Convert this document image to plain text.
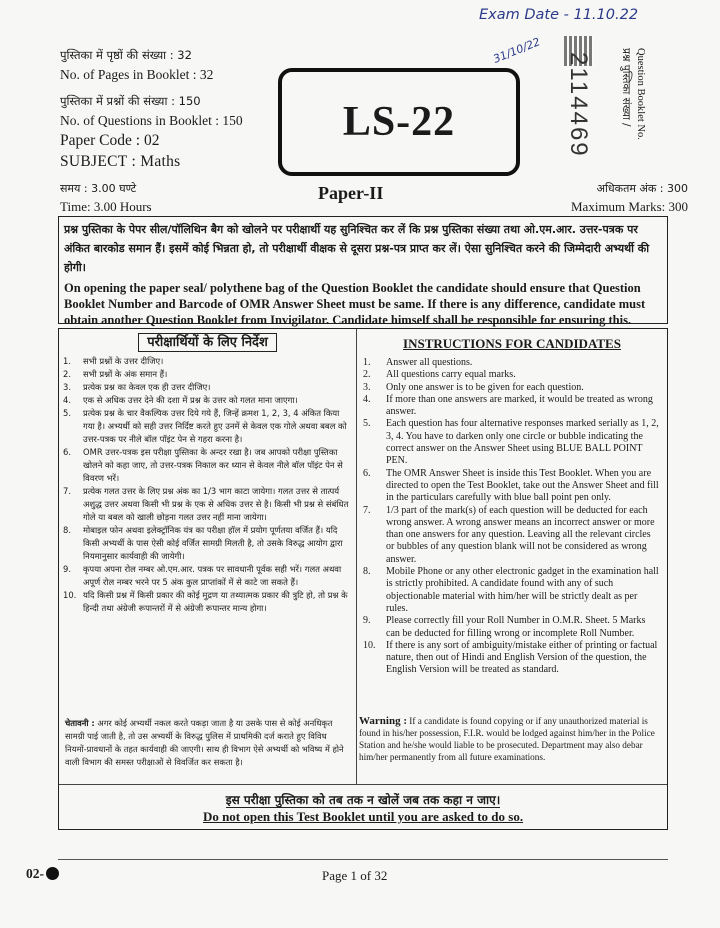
Exam Date - 11.10.22
31/10/22
पुस्तिका में पृष्ठों की संख्या : 32
No. of Pages in Booklet : 32
पुस्तिका में प्रश्नों की संख्या : 150
No. of Questions in Booklet : 150
Paper Code : 02
SUBJECT : Maths
LS-22	2114469	प्रश्न पुस्तिका संख्या / Question Booklet No.
समय : 3.00 घण्टे
Time: 3.00 Hours
Paper-II	अधिकतम अंक : 300
Maximum Marks: 300
प्रश्न पुस्तिका के पेपर सील/पॉलिथिन बैग को खोलने पर परीक्षार्थी यह सुनिश्चित कर लें कि प्रश्न पुस्तिका संख्या तथा ओ.एम.आर. उत्तर-पत्रक पर अंकित बारकोड समान हैं। इसमें कोई भिन्नता हो, तो परीक्षार्थी वीक्षक से दूसरा प्रश्न-पत्र प्राप्त कर लें। ऐसा सुनिश्चित करने की जिम्मेदारी अभ्यर्थी की होगी।
On opening the paper seal/ polythene bag of the Question Booklet the candidate should ensure that Question Booklet Number and Barcode of OMR Answer Sheet must be same. If there is any difference, candidate must obtain another Question Booklet from Invigilator. Candidate himself shall be responsible for ensuring this.
परीक्षार्थियों के लिए निर्देश	INSTRUCTIONS FOR CANDIDATES
1. सभी प्रश्नों के उत्तर दीजिए।
2. सभी प्रश्नों के अंक समान हैं।
3. प्रत्येक प्रश्न का केवल एक ही उत्तर दीजिए।
4. एक से अधिक उत्तर देने की दशा में प्रश्न के उत्तर को गलत माना जाएगा।
5. प्रत्येक प्रश्न के चार वैकल्पिक उत्तर दिये गये हैं, जिन्हें क्रमश 1, 2, 3, 4 अंकित किया गया है। अभ्यर्थी को सही उत्तर निर्दिष्ट करते हुए उनमें से केवल एक गोले अथवा बबल को उत्तर-पत्रक पर नीले बॉल पॉइंट पेन से गहरा करना है।
6. OMR उत्तर-पत्रक इस परीक्षा पुस्तिका के अन्दर रखा है। जब आपको परीक्षा पुस्तिका खोलने को कहा जाए, तो उत्तर-पत्रक निकाल कर ध्यान से केवल नीले बॉल पॉइंट पेन से विवरण भरें।
7. प्रत्येक गलत उत्तर के लिए प्रश्न अंक का 1/3 भाग काटा जायेगा। गलत उत्तर से तात्पर्य अशुद्ध उत्तर अथवा किसी भी प्रश्न के एक से अधिक उत्तर से है। किसी भी प्रश्न से संबंधित गोले या बबल को खाली छोड़ना गलत उत्तर नहीं माना जायेगा।
8. मोबाइल फोन अथवा इलेक्ट्रॉनिक यंत्र का परीक्षा हॉल में प्रयोग पूर्णतया वर्जित हैं। यदि किसी अभ्यर्थी के पास ऐसी कोई वर्जित सामग्री मिलती है, तो उसके विरुद्ध आयोग द्वारा नियमानुसार कार्यवाही की जायेगी।
9. कृपया अपना रोल नम्बर ओ.एम.आर. पत्रक पर सावधानी पूर्वक सही भरें। गलत अथवा अपूर्ण रोल नम्बर भरने पर 5 अंक कुल प्राप्तांकों में से काटे जा सकते हैं।
10. यदि किसी प्रश्न में किसी प्रकार की कोई मुद्रण या तथ्यात्मक प्रकार की त्रुटि हो, तो प्रश्न के हिन्दी तथा अंग्रेजी रूपान्तरों में से अंग्रेजी रूपान्तर मान्य होगा।
1. Answer all questions.
2. All questions carry equal marks.
3. Only one answer is to be given for each question.
4. If more than one answers are marked, it would be treated as wrong answer.
5. Each question has four alternative responses marked serially as 1, 2, 3, 4. You have to darken only one circle or bubble indicating the correct answer on the Answer Sheet using BLUE BALL POINT PEN.
6. The OMR Answer Sheet is inside this Test Booklet. When you are directed to open the Test Booklet, take out the Answer Sheet and fill in the particulars carefully with blue ball point pen only.
7. 1/3 part of the mark(s) of each question will be deducted for each wrong answer. A wrong answer means an incorrect answer or more than one answers for any question. Leaving all the relevant circles or bubbles of any question blank will not be considered as wrong answer.
8. Mobile Phone or any other electronic gadget in the examination hall is strictly prohibited. A candidate found with any of such objectionable material with him/her will be strictly dealt as per rules.
9. Please correctly fill your Roll Number in O.M.R. Sheet. 5 Marks can be deducted for filling wrong or incomplete Roll Number.
10. If there is any sort of ambiguity/mistake either of printing or factual nature, then out of Hindi and English Version of the question, the English Version will be treated as standard.
चेतावनी : अगर कोई अभ्यर्थी नकल करते पकड़ा जाता है या उसके पास से कोई अनधिकृत सामग्री पाई जाती है, तो उस अभ्यर्थी के विरुद्ध पुलिस में प्राथमिकी दर्ज कराते हुए विविध नियमों-प्रावधानों के तहत कार्यवाही की जाएगी। साथ ही विभाग ऐसे अभ्यर्थी को भविष्य में होने वाली विभाग की समस्त परीक्षाओं से विवर्जित कर सकता है।
Warning : If a candidate is found copying or if any unauthorized material is found in his/her possession, F.I.R. would be lodged against him/her in the Police Station and he/she would liable to be prosecuted. Department may also debar him/her permanently from all future examinations.
इस परीक्षा पुस्तिका को तब तक न खोलें जब तक कहा न जाए।
Do not open this Test Booklet until you are asked to do so.
02-	Page 1 of 32
